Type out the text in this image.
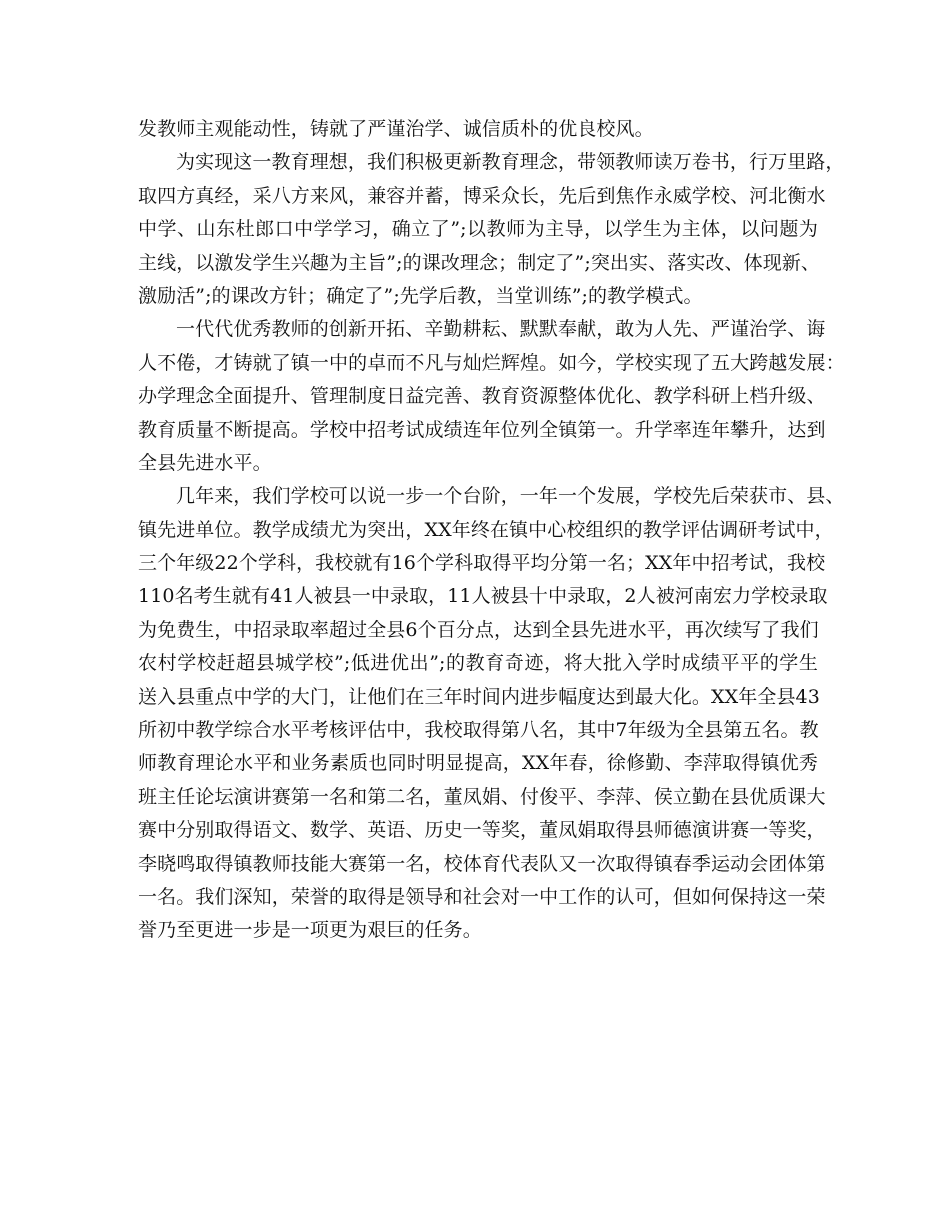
发教师主观能动性，铸就了严谨治学、诚信质朴的优良校风。
为实现这一教育理想，我们积极更新教育理念，带领教师读万卷书，行万里路，
取四方真经，采八方来风，兼容并蓄，博采众长，先后到焦作永威学校、河北衡水
中学、山东杜郎口中学学习，确立了”;以教师为主导，以学生为主体，以问题为
主线，以激发学生兴趣为主旨”;的课改理念；制定了”;突出实、落实改、体现新、
激励活”;的课改方针；确定了”;先学后教，当堂训练”;的教学模式。
一代代优秀教师的创新开拓、辛勤耕耘、默默奉献，敢为人先、严谨治学、诲
人不倦，才铸就了镇一中的卓而不凡与灿烂辉煌。如今，学校实现了五大跨越发展：
办学理念全面提升、管理制度日益完善、教育资源整体优化、教学科研上档升级、
教育质量不断提高。学校中招考试成绩连年位列全镇第一。升学率连年攀升，达到
全县先进水平。
几年来，我们学校可以说一步一个台阶，一年一个发展，学校先后荣获市、县、
镇先进单位。教学成绩尤为突出，XX年终在镇中心校组织的教学评估调研考试中，
三个年级22个学科，我校就有16个学科取得平均分第一名；XX年中招考试，我校
110名考生就有41人被县一中录取，11人被县十中录取，2人被河南宏力学校录取
为免费生，中招录取率超过全县6个百分点，达到全县先进水平，再次续写了我们
农村学校赶超县城学校”;低进优出”;的教育奇迹，将大批入学时成绩平平的学生
送入县重点中学的大门，让他们在三年时间内进步幅度达到最大化。XX年全县43
所初中教学综合水平考核评估中，我校取得第八名，其中7年级为全县第五名。教
师教育理论水平和业务素质也同时明显提高，XX年春，徐修勤、李萍取得镇优秀
班主任论坛演讲赛第一名和第二名，董凤娟、付俊平、李萍、侯立勤在县优质课大
赛中分别取得语文、数学、英语、历史一等奖，董凤娟取得县师德演讲赛一等奖，
李晓鸣取得镇教师技能大赛第一名，校体育代表队又一次取得镇春季运动会团体第
一名。我们深知，荣誉的取得是领导和社会对一中工作的认可，但如何保持这一荣
誉乃至更进一步是一项更为艰巨的任务。
